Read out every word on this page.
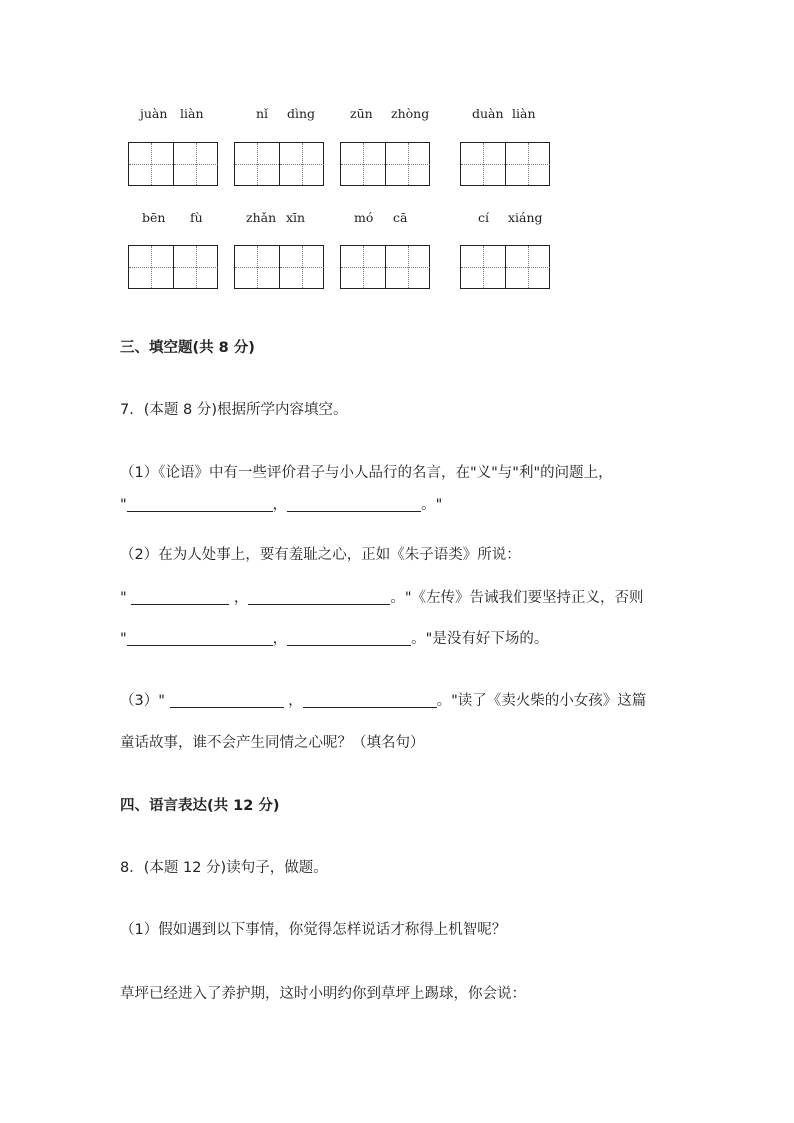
juàn liàn	nǐ dìng	zūn zhòng	duàn liàn
bēn fù	zhǎn xīn	mó cā	cí xiáng
三、填空题(共 8 分)
7．(本题 8 分)根据所学内容填空。
（1）《论语》中有一些评价君子与小人品行的名言，在"义"与"利"的问题上，
"	，	。"
（2）在为人处事上，要有羞耻之心，正如《朱子语类》所说：
"	，	。"《左传》告诫我们要坚持正义，否则
"	，	。"是没有好下场的。
（3）"	，	。"读了《卖火柴的小女孩》这篇
童话故事，谁不会产生同情之心呢？（填名句）
四、语言表达(共 12 分)
8．(本题 12 分)读句子，做题。
（1）假如遇到以下事情，你觉得怎样说话才称得上机智呢？
草坪已经进入了养护期，这时小明约你到草坪上踢球，你会说：
